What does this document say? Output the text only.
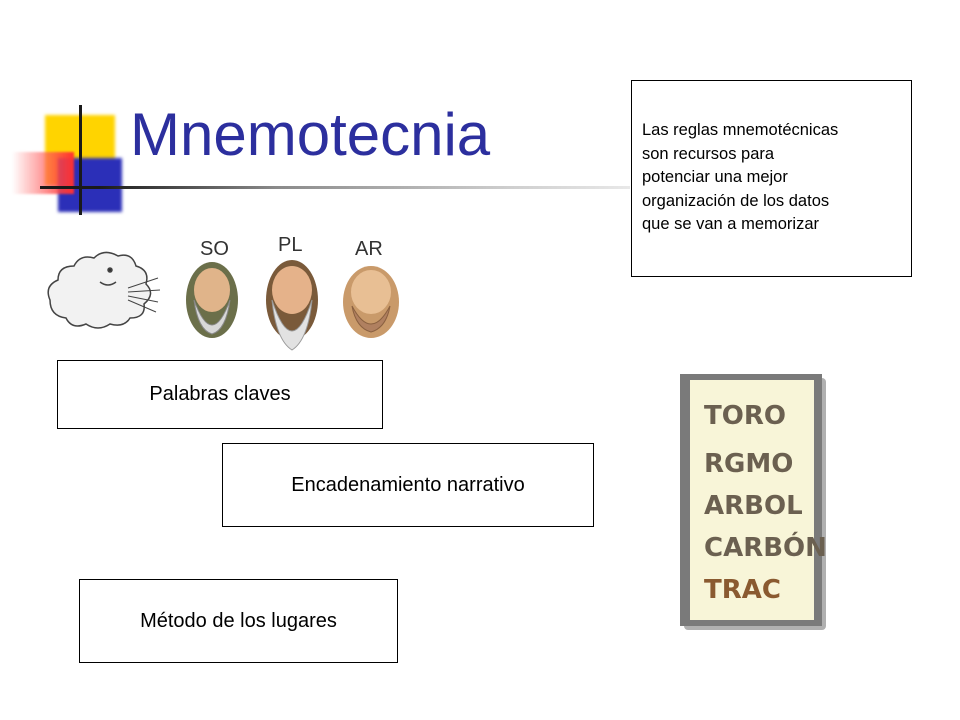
Mnemotecnia	Las reglas mnemotécnicas
son recursos para
potenciar una mejor
organización de los datos
que se van a memorizar
SO PL	AR
Palabras claves
Encadenamiento narrativo
Método de los lugares
TORO
RGMO
ARBOL
CARBÓN
TRAC
